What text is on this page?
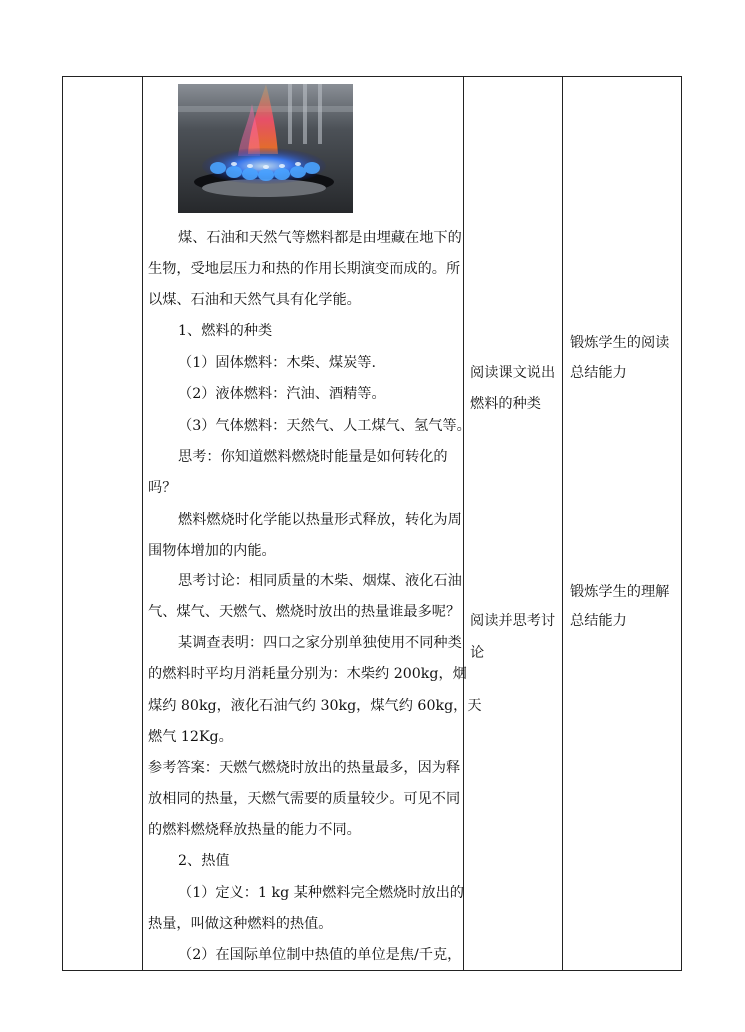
煤、石油和天然气等燃料都是由埋藏在地下的

生物，受地层压力和热的作用长期演变而成的。所

以煤、石油和天然气具有化学能。

1、燃料的种类

（1）固体燃料：木柴、煤炭等.

（2）液体燃料：汽油、酒精等。

（3）气体燃料：天然气、人工煤气、氢气等。

思考：你知道燃料燃烧时能量是如何转化的

吗？

燃料燃烧时化学能以热量形式释放，转化为周

围物体增加的内能。

思考讨论：相同质量的木柴、烟煤、液化石油

气、煤气、天燃气、燃烧时放出的热量谁最多呢？

某调查表明：四口之家分别单独使用不同种类

的燃料时平均月消耗量分别为：木柴约 200kg，烟

煤约 80kg，液化石油气约 30kg，煤气约 60kg，天

燃气 12Kg。

参考答案：天燃气燃烧时放出的热量最多，因为释

放相同的热量，天燃气需要的质量较少。可见不同

的燃料燃烧释放热量的能力不同。

2、热值

（1）定义：1 kg 某种燃料完全燃烧时放出的

热量，叫做这种燃料的热值。

（2）在国际单位制中热值的单位是焦/千克，

阅读课文说出
燃料的种类
阅读并思考讨
论
锻炼学生的阅读
总结能力
锻炼学生的理解
总结能力
